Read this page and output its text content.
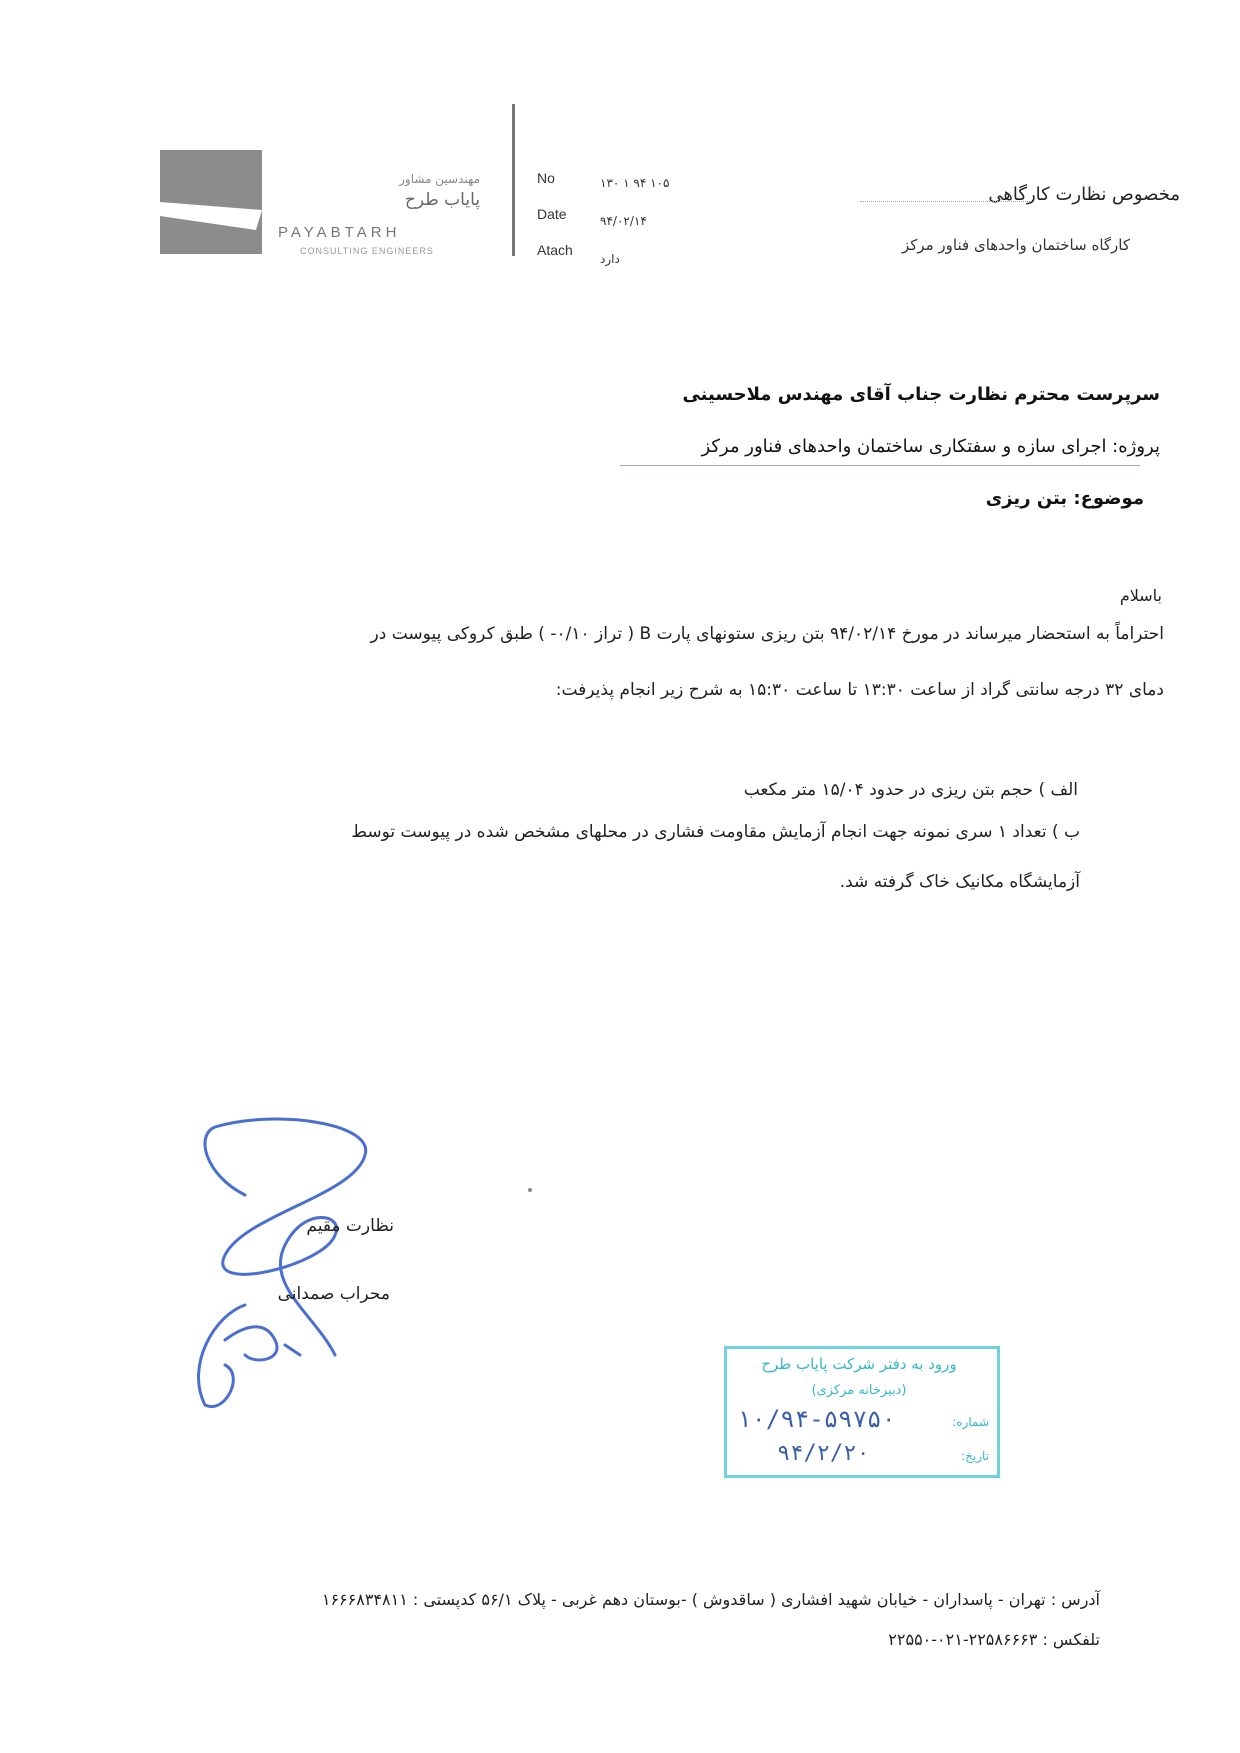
مهندسین مشاور
پایاب طرح
PAYABTARH
CONSULTING ENGINEERS
No	۱۳۰ ۱ ۹۴ ۱۰۵
Date	۹۴/۰۲/۱۴
Atach
دارد
مخصوص نظارت کارگاهی
کارگاه ساختمان واحدهای فناور مرکز
سرپرست محترم نظارت جناب آقای مهندس ملاحسینی
پروژه: اجرای سازه و سفتکاری ساختمان واحدهای فناور مرکز
موضوع: بتن ریزی
باسلام
احتراماً به استحضار میرساند در مورخ ۹۴/۰۲/۱۴ بتن ریزی ستونهای پارت B ( تراز ۰/۱۰- ) طبق کروکی پیوست در
دمای ۳۲ درجه سانتی گراد از ساعت ۱۳:۳۰ تا ساعت ۱۵:۳۰ به شرح زیر انجام پذیرفت:
الف ) حجم بتن ریزی در حدود ۱۵/۰۴ متر مکعب
ب ) تعداد ۱ سری نمونه جهت انجام آزمایش مقاومت فشاری در محلهای مشخص شده در پیوست توسط
آزمایشگاه مکانیک خاک گرفته شد.
نظارت مقیم
محراب صمدانی
ورود به دفتر شرکت پایاب طرح
(دبیرخانه مرکزی)
شماره:
۱۰/۹۴-۵۹۷۵۰
تاریخ:
۹۴/۲/۲۰
آدرس : تهران - پاسداران - خیابان شهید افشاری ( ساقدوش ) -بوستان دهم غربی - پلاک ۵۶/۱ کدپستی : ۱۶۶۶۸۳۴۸۱۱
تلفکس : ۲۲۵۸۶۶۶۳-۰۲۱-۲۲۵۵۰
